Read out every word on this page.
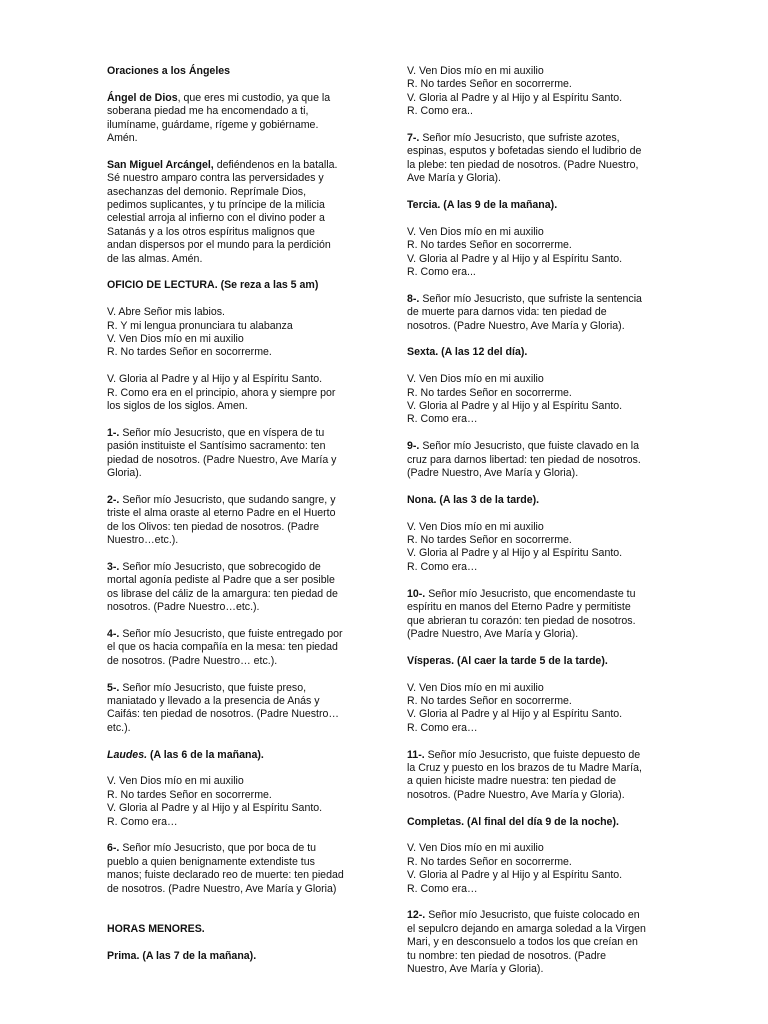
Oraciones a los Ángeles
Ángel de Dios, que eres mi custodio, ya que la
soberana piedad me ha encomendado a ti,
ilumíname, guárdame, rígeme y gobiérname.
Amén.
San Miguel Arcángel, defiéndenos en la batalla.
Sé nuestro amparo contra las perversidades y
asechanzas del demonio. Reprímale Dios,
pedimos suplicantes, y tu príncipe de la milicia
celestial arroja al infierno con el divino poder a
Satanás y a los otros espíritus malignos que
andan dispersos por el mundo para la perdición
de las almas. Amén.
OFICIO DE LECTURA. (Se reza a las 5 am)
V. Abre Señor mis labios.
R. Y mi lengua pronunciara tu alabanza
V. Ven Dios mío en mi auxilio
R. No tardes Señor en socorrerme.
V. Gloria al Padre y al Hijo y al Espíritu Santo.
R. Como era en el principio, ahora y siempre por
los siglos de los siglos. Amen.
1-. Señor mío Jesucristo, que en víspera de tu
pasión instituiste el Santísimo sacramento: ten
piedad de nosotros. (Padre Nuestro, Ave María y
Gloria).
2-. Señor mío Jesucristo, que sudando sangre, y
triste el alma oraste al eterno Padre en el Huerto
de los Olivos: ten piedad de nosotros. (Padre
Nuestro…etc.).
3-. Señor mío Jesucristo, que sobrecogido de
mortal agonía pediste al Padre que a ser posible
os librase del cáliz de la amargura: ten piedad de
nosotros. (Padre Nuestro…etc.).
4-. Señor mío Jesucristo, que fuiste entregado por
el que os hacia compañía en la mesa: ten piedad
de nosotros. (Padre Nuestro… etc.).
5-. Señor mío Jesucristo, que fuiste preso,
maniatado y llevado a la presencia de Anás y
Caifás: ten piedad de nosotros. (Padre Nuestro…
etc.).
Laudes. (A las 6 de la mañana).
V. Ven Dios mío en mi auxilio
R. No tardes Señor en socorrerme.
V. Gloria al Padre y al Hijo y al Espíritu Santo.
R. Como era…
6-. Señor mío Jesucristo, que por boca de tu
pueblo a quien benignamente extendiste tus
manos; fuiste declarado reo de muerte: ten piedad
de nosotros. (Padre Nuestro, Ave María y Gloria)
HORAS MENORES.
Prima. (A las 7 de la mañana).
V. Ven Dios mío en mi auxilio
R. No tardes Señor en socorrerme.
V. Gloria al Padre y al Hijo y al Espíritu Santo.
R. Como era..
7-. Señor mío Jesucristo, que sufriste azotes,
espinas, esputos y bofetadas siendo el ludibrio de
la plebe: ten piedad de nosotros. (Padre Nuestro,
Ave María y Gloria).
Tercia. (A las 9 de la mañana).
V. Ven Dios mío en mi auxilio
R. No tardes Señor en socorrerme.
V. Gloria al Padre y al Hijo y al Espíritu Santo.
R. Como era...
8-. Señor mío Jesucristo, que sufriste la sentencia
de muerte para darnos vida: ten piedad de
nosotros. (Padre Nuestro, Ave María y Gloria).
Sexta. (A las 12 del día).
V. Ven Dios mío en mi auxilio
R. No tardes Señor en socorrerme.
V. Gloria al Padre y al Hijo y al Espíritu Santo.
R. Como era…
9-. Señor mío Jesucristo, que fuiste clavado en la
cruz para darnos libertad: ten piedad de nosotros.
(Padre Nuestro, Ave María y Gloria).
Nona. (A las 3 de la tarde).
V. Ven Dios mío en mi auxilio
R. No tardes Señor en socorrerme.
V. Gloria al Padre y al Hijo y al Espíritu Santo.
R. Como era…
10-. Señor mío Jesucristo, que encomendaste tu
espíritu en manos del Eterno Padre y permitiste
que abrieran tu corazón: ten piedad de nosotros.
(Padre Nuestro, Ave María y Gloria).
Vísperas. (Al caer la tarde 5 de la tarde).
V. Ven Dios mío en mi auxilio
R. No tardes Señor en socorrerme.
V. Gloria al Padre y al Hijo y al Espíritu Santo.
R. Como era…
11-. Señor mío Jesucristo, que fuiste depuesto de
la Cruz y puesto en los brazos de tu Madre María,
a quien hiciste madre nuestra: ten piedad de
nosotros. (Padre Nuestro, Ave María y Gloria).
Completas. (Al final del día 9 de la noche).
V. Ven Dios mío en mi auxilio
R. No tardes Señor en socorrerme.
V. Gloria al Padre y al Hijo y al Espíritu Santo.
R. Como era…
12-. Señor mío Jesucristo, que fuiste colocado en
el sepulcro dejando en amarga soledad a la Virgen
Mari, y en desconsuelo a todos los que creían en
tu nombre: ten piedad de nosotros. (Padre
Nuestro, Ave María y Gloria).
